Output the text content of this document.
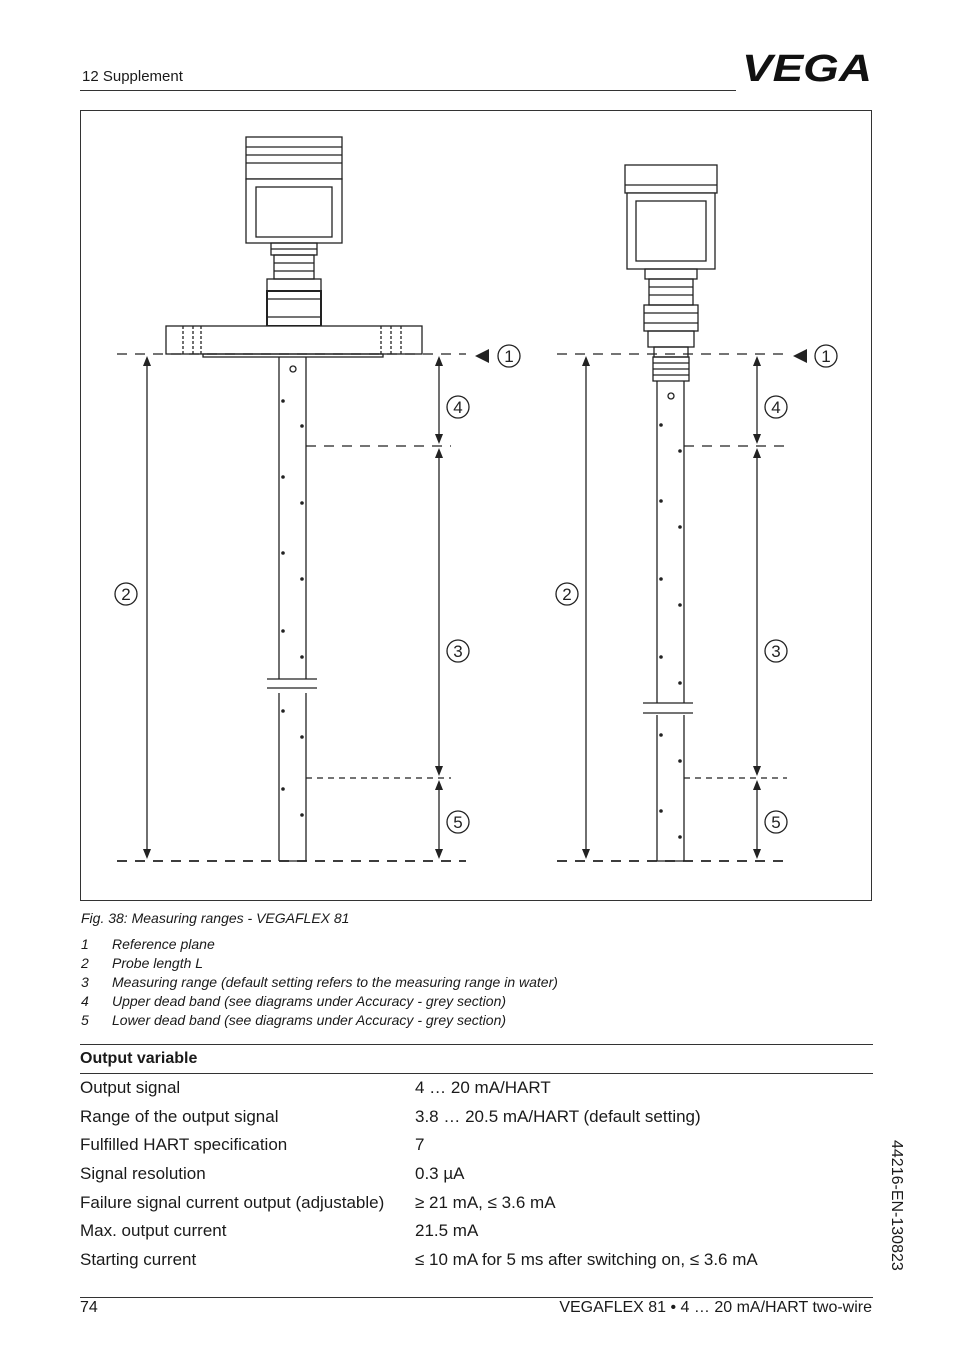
12 Supplement	VEGA
1
4
2
3
5
1
4
2
3
5
Fig. 38: Measuring ranges - VEGAFLEX 81
1	Reference plane
2	Probe length L
3	Measuring range (default setting refers to the measuring range in water)
4	Upper dead band (see diagrams under Accuracy - grey section)
5	Lower dead band (see diagrams under Accuracy - grey section)
Output variable
Output signal	4 … 20 mA/HART
Range of the output signal	3.8 … 20.5 mA/HART (default setting)
Fulfilled HART specification	7
Signal resolution	0.3 µA
Failure signal current output (adjustable)	≥ 21 mA, ≤ 3.6 mA
Max. output current	21.5 mA
Starting current	≤ 10 mA for 5 ms after switching on, ≤ 3.6 mA	44216-EN-130823
74	VEGAFLEX 81 • 4 … 20 mA/HART two-wire
